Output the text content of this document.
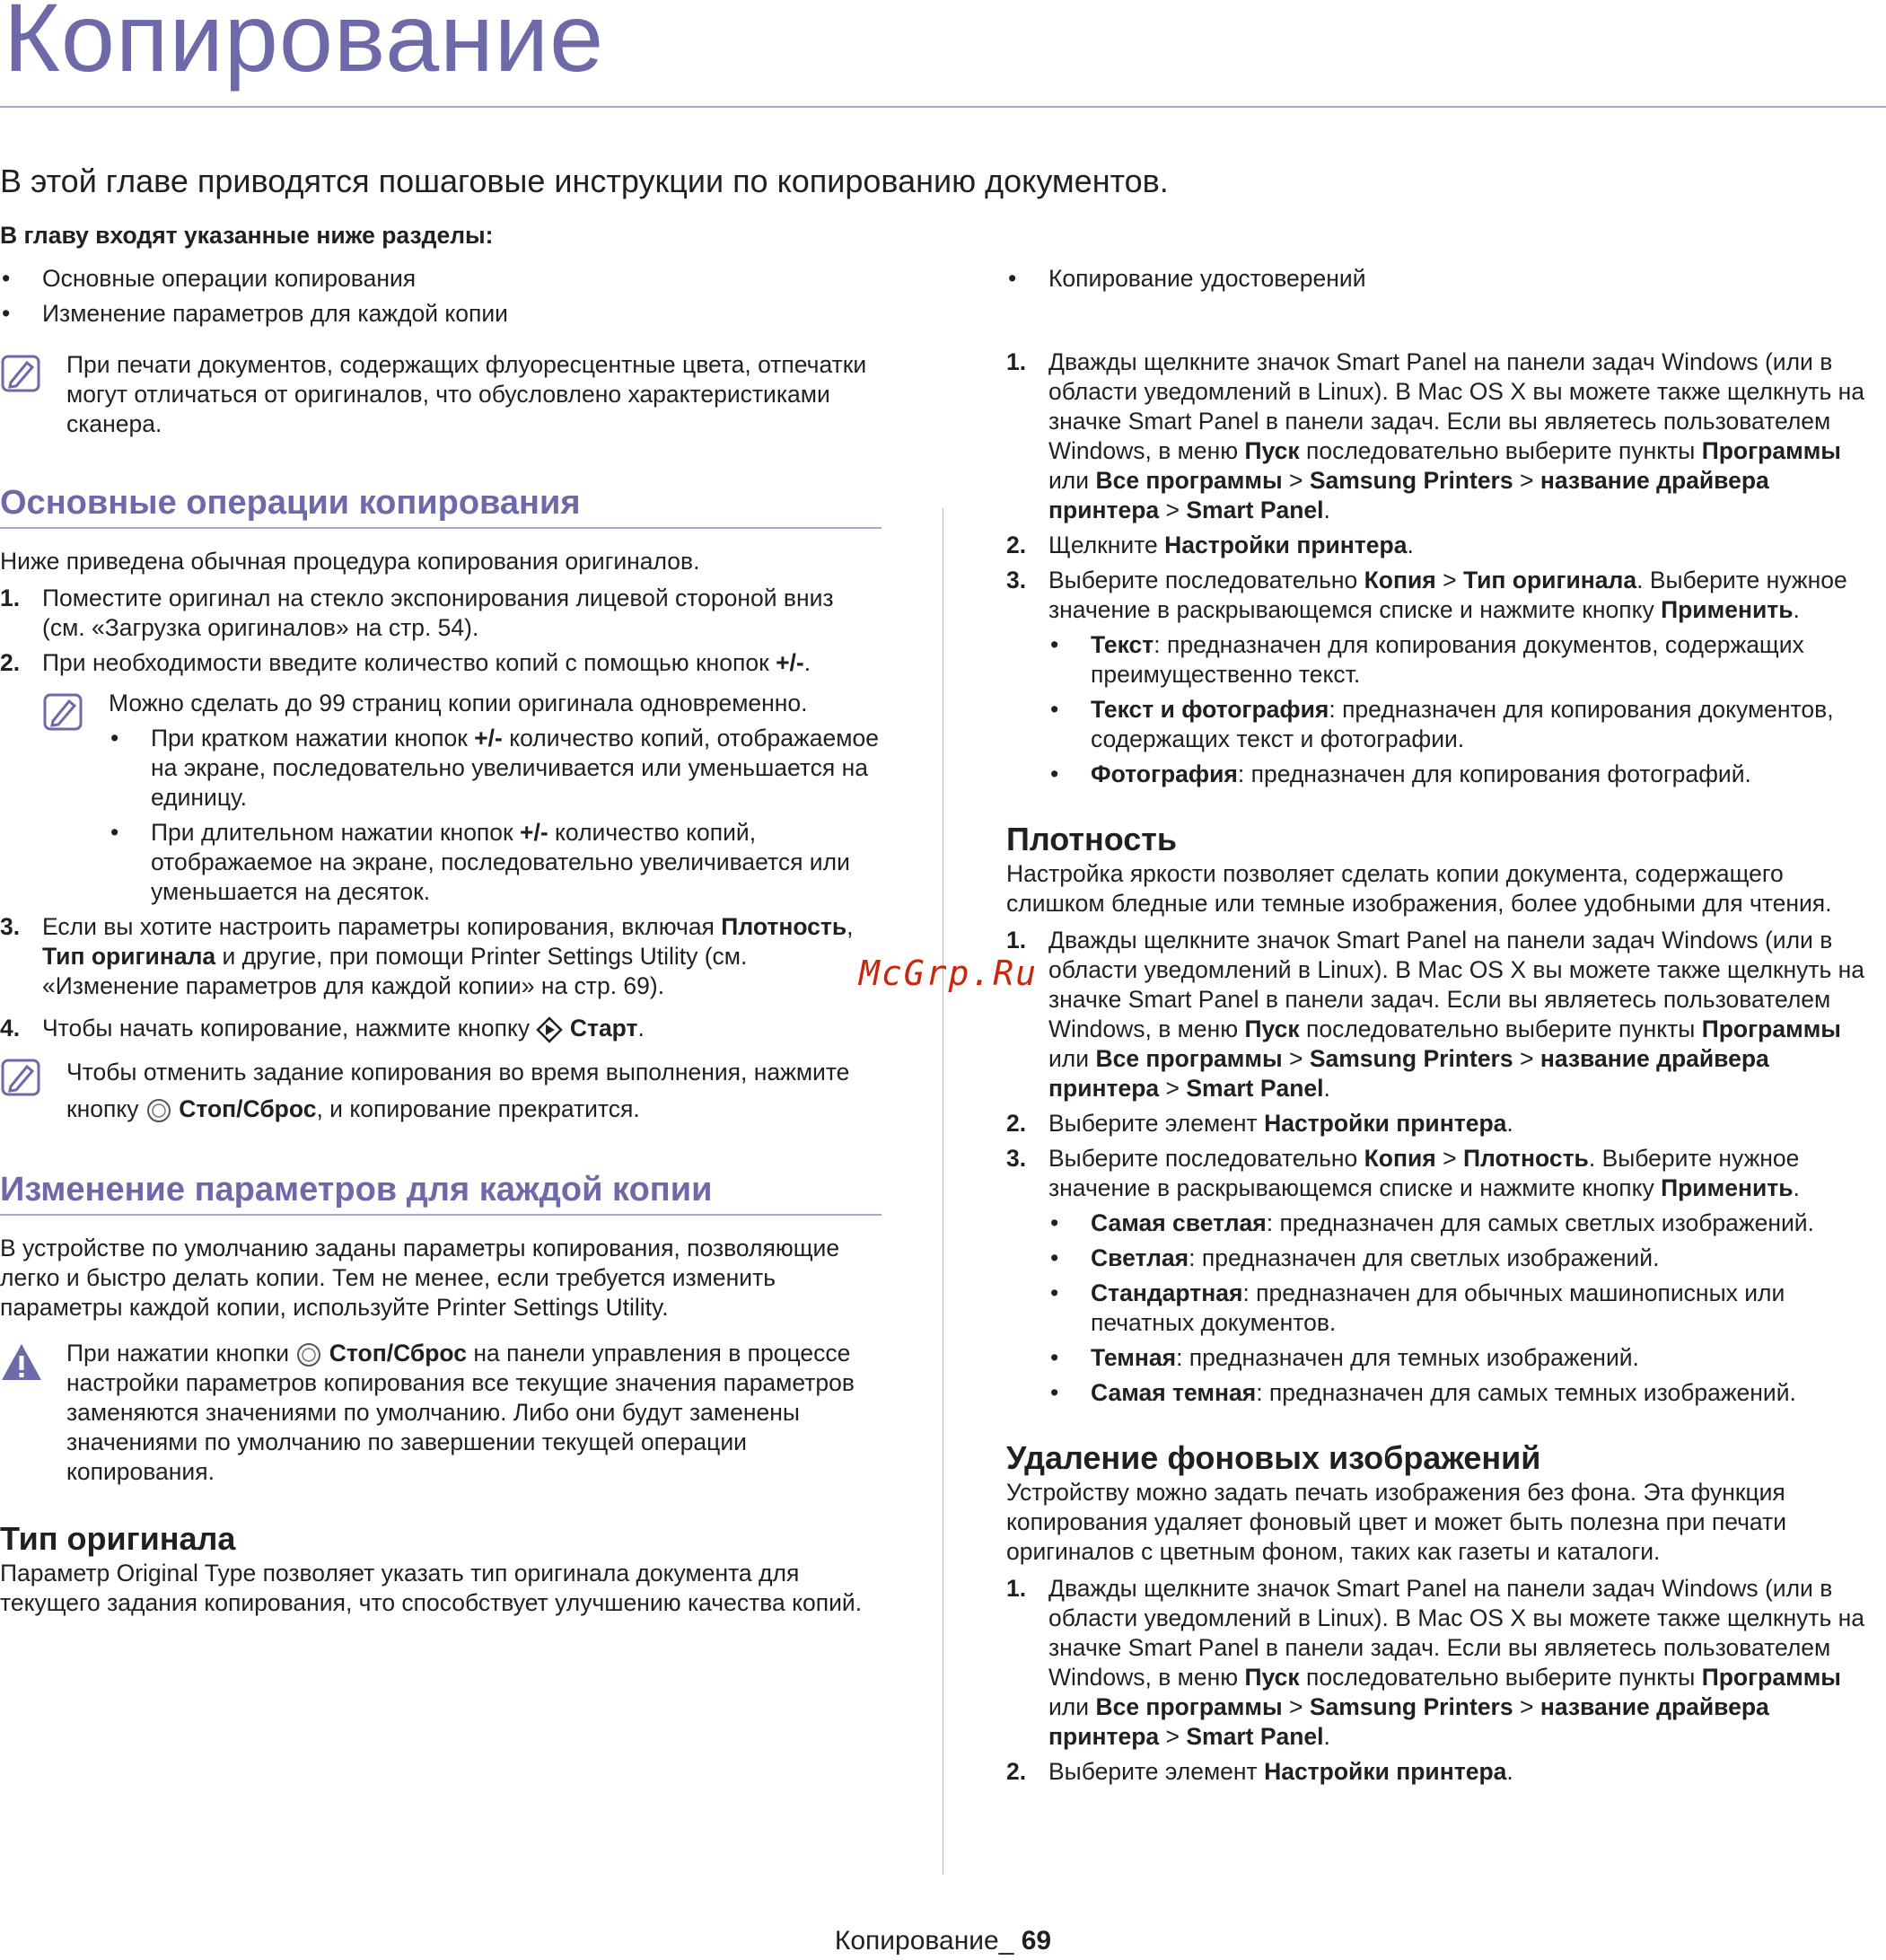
Копирование
В этой главе приводятся пошаговые инструкции по копированию документов.
В главу входят указанные ниже разделы:
• Основные операции копирования
• Изменение параметров для каждой копии
При печати документов, содержащих флуоресцентные цвета, отпечатки могут отличаться от оригиналов, что обусловлено характеристиками сканера.
Основные операции копирования
Ниже приведена обычная процедура копирования оригиналов.
1. Поместите оригинал на стекло экспонирования лицевой стороной вниз (см. «Загрузка оригиналов» на стр. 54).
2. При необходимости введите количество копий с помощью кнопок +/-.
Можно сделать до 99 страниц копии оригинала одновременно.
• При кратком нажатии кнопок +/- количество копий, отображаемое на экране, последовательно увеличивается или уменьшается на единицу.
• При длительном нажатии кнопок +/- количество копий, отображаемое на экране, последовательно увеличивается или уменьшается на десяток.
3. Если вы хотите настроить параметры копирования, включая Плотность, Тип оригинала и другие, при помощи Printer Settings Utility (см. «Изменение параметров для каждой копии» на стр. 69).
4. Чтобы начать копирование, нажмите кнопку  Старт.
Чтобы отменить задание копирования во время выполнения, нажмите кнопку  Стоп/Сброс, и копирование прекратится.
Изменение параметров для каждой копии
В устройстве по умолчанию заданы параметры копирования, позволяющие легко и быстро делать копии. Тем не менее, если требуется изменить параметры каждой копии, используйте Printer Settings Utility.
При нажатии кнопки  Стоп/Сброс на панели управления в процессе настройки параметров копирования все текущие значения параметров заменяются значениями по умолчанию. Либо они будут заменены значениями по умолчанию по завершении текущей операции копирования.
Тип оригинала
Параметр Original Type позволяет указать тип оригинала документа для текущего задания копирования, что способствует улучшению качества копий.
• Копирование удостоверений
1. Дважды щелкните значок Smart Panel на панели задач Windows (или в области уведомлений в Linux). В Mac OS X вы можете также щелкнуть на значке Smart Panel в панели задач. Если вы являетесь пользователем Windows, в меню Пуск последовательно выберите пункты Программы или Все программы > Samsung Printers > название драйвера принтера > Smart Panel.
2. Щелкните Настройки принтера.
3. Выберите последовательно Копия > Тип оригинала. Выберите нужное значение в раскрывающемся списке и нажмите кнопку Применить.
• Текст: предназначен для копирования документов, содержащих преимущественно текст.
• Текст и фотография: предназначен для копирования документов, содержащих текст и фотографии.
• Фотография: предназначен для копирования фотографий.
Плотность
Настройка яркости позволяет сделать копии документа, содержащего слишком бледные или темные изображения, более удобными для чтения.
1. Дважды щелкните значок Smart Panel на панели задач Windows (или в области уведомлений в Linux). В Mac OS X вы можете также щелкнуть на значке Smart Panel в панели задач. Если вы являетесь пользователем Windows, в меню Пуск последовательно выберите пункты Программы или Все программы > Samsung Printers > название драйвера принтера > Smart Panel.
2. Выберите элемент Настройки принтера.
3. Выберите последовательно Копия > Плотность. Выберите нужное значение в раскрывающемся списке и нажмите кнопку Применить.
• Самая светлая: предназначен для самых светлых изображений.
• Светлая: предназначен для светлых изображений.
• Стандартная: предназначен для обычных машинописных или печатных документов.
• Темная: предназначен для темных изображений.
• Самая темная: предназначен для самых темных изображений.
Удаление фоновых изображений
Устройству можно задать печать изображения без фона. Эта функция копирования удаляет фоновый цвет и может быть полезна при печати оригиналов с цветным фоном, таких как газеты и каталоги.
1. Дважды щелкните значок Smart Panel на панели задач Windows (или в области уведомлений в Linux). В Mac OS X вы можете также щелкнуть на значке Smart Panel в панели задач. Если вы являетесь пользователем Windows, в меню Пуск последовательно выберите пункты Программы или Все программы > Samsung Printers > название драйвера принтера > Smart Panel.
2. Выберите элемент Настройки принтера.
McGrp.Ru
Копирование_ 69
